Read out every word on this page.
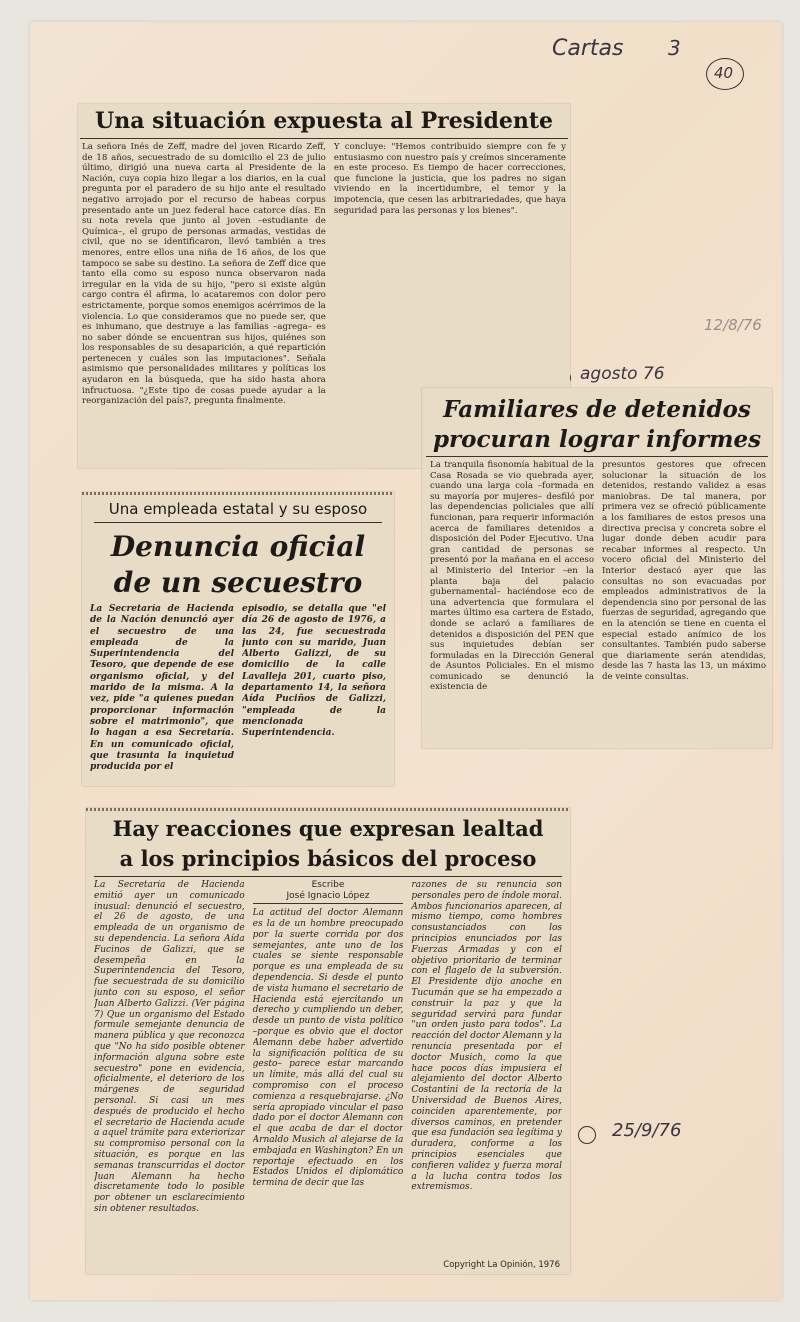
Cartas 3
40
12/8/76
agosto 76
25/9/76
Una situación expuesta al Presidente
La señora Inés de Zeff, madre del joven Ricardo Zeff, de 18 años, secuestrado de su domicilio el 23 de julio último, dirigió una nueva carta al Presidente de la Nación, cuya copia hizo llegar a los diarios, en la cual pregunta por el paradero de su hijo ante el resultado negativo arrojado por el recurso de habeas corpus presentado ante un juez federal hace catorce días. En su nota revela que junto al joven –estudiante de Química–, el grupo de personas armadas, vestidas de civil, que no se identificaron, llevó también a tres menores, entre ellos una niña de 16 años, de los que tampoco se sabe su destino. La señora de Zeff dice que tanto ella como su esposo nunca observaron nada irregular en la vida de su hijo, "pero si existe algún cargo contra él afirma, lo acataremos con dolor pero estrictamente, porque somos enemigos acérrimos de la violencia. Lo que consideramos que no puede ser, que es inhumano, que destruye a las familias –agrega– es no saber dónde se encuentran sus hijos, quiénes son los responsables de su desaparición, a qué repartición pertenecen y cuáles son las imputaciones". Señala asimismo que personalidades militares y políticas los ayudaron en la búsqueda, que ha sido hasta ahora infructuosa. "¿Este tipo de cosas puede ayudar a la reorganización del país?, pregunta finalmente.
Y concluye: "Hemos contribuido siempre con fe y entusiasmo con nuestro país y creímos sinceramente en este proceso. Es tiempo de hacer correcciones, que funcione la justicia, que los padres no sigan viviendo en la incertidumbre, el temor y la impotencia, que cesen las arbitrariedades, que haya seguridad para las personas y los bienes".
Una empleada estatal y su esposo
Denuncia oficial
de un secuestro
La Secretaría de Hacienda de la Nación denunció ayer el secuestro de una empleada de la Superintendencia del Tesoro, que depende de ese organismo oficial, y del marido de la misma. A la vez, pide "a quienes puedan proporcionar información sobre el matrimonio", que lo hagan a esa Secretaría. En un comunicado oficial, que trasunta la inquietud producida por el
episodio, se detalla que "el día 26 de agosto de 1976, a las 24, fue secuestrada junto con su marido, Juan Alberto Galizzi, de su domicilio de la calle Lavalleja 201, cuarto piso, departamento 14, la señora Aída Puciños de Galizzi, "empleada de la mencionada Superintendencia.
Familiares de detenidos
procuran lograr informes
La tranquila fisonomía habitual de la Casa Rosada se vio quebrada ayer, cuando una larga cola –formada en su mayoría por mujeres– desfiló por las dependencias policiales que allí funcionan, para requerir información acerca de familiares detenidos a disposición del Poder Ejecutivo. Una gran cantidad de personas se presentó por la mañana en el acceso al Ministerio del Interior –en la planta baja del palacio gubernamental– haciéndose eco de una advertencia que formulara el martes último esa cartera de Estado, donde se aclaró a familiares de detenidos a disposición del PEN que sus inquietudes debían ser formuladas en la Dirección General de Asuntos Policiales. En el mismo comunicado se denunció la existencia de
presuntos gestores que ofrecen solucionar la situación de los detenidos, restando validez a esas maniobras. De tal manera, por primera vez se ofreció públicamente a los familiares de estos presos una directiva precisa y concreta sobre el lugar donde deben acudir para recabar informes al respecto. Un vocero oficial del Ministerio del Interior destacó ayer que las consultas no son evacuadas por empleados administrativos de la dependencia sino por personal de las fuerzas de seguridad, agregando que en la atención se tiene en cuenta el especial estado anímico de los consultantes. También pudo saberse que diariamente serán atendidas, desde las 7 hasta las 13, un máximo de veinte consultas.
Hay reacciones que expresan lealtad
a los principios básicos del proceso
La Secretaría de Hacienda emitió ayer un comunicado inusual: denunció el secuestro, el 26 de agosto, de una empleada de un organismo de su dependencia. La señora Aída Fucinos de Galizzi, que se desempeña en la Superintendencia del Tesoro, fue secuestrada de su domicilio junto con su esposo, el señor Juan Alberto Galizzi. (Ver página 7) Que un organismo del Estado formule semejante denuncia de manera pública y que reconozca que "No ha sido posible obtener información alguna sobre este secuestro" pone en evidencia, oficialmente, el deterioro de los márgenes de seguridad personal. Si casi un mes después de producido el hecho el secretario de Hacienda acude a aquel trámite para exteriorizar su compromiso personal con la situación, es porque en las semanas transcurridas el doctor Juan Alemann ha hecho discretamente todo lo posible por obtener un esclarecimiento sin obtener resultados.
Escribe
José Ignacio López
La actitud del doctor Alemann es la de un hombre preocupado por la suerte corrida por dos semejantes, ante uno de los cuales se siente responsable porque es una empleada de su dependencia. Si desde el punto de vista humano el secretario de Hacienda está ejercitando un derecho y cumpliendo un deber, desde un punto de vista político –porque es obvio que el doctor Alemann debe haber advertido la significación política de su gesto– parece estar marcando un límite, más allá del cual su compromiso con el proceso comienza a resquebrajarse. ¿No sería apropiado vincular el paso dado por el doctor Alemann con el que acaba de dar el doctor Arnaldo Musich al alejarse de la embajada en Washington? En un reportaje efectuado en los Estados Unidos el diplomático termina de decir que las
razones de su renuncia son personales pero de índole moral. Ambos funcionarios aparecen, al mismo tiempo, como hombres consustanciados con los principios enunciados por las Fuerzas Armadas y con el objetivo prioritario de terminar con el flagelo de la subversión. El Presidente dijo anoche en Tucumán que se ha empezado a construir la paz y que la seguridad servirá para fundar "un orden justo para todos". La reacción del doctor Alemann y la renuncia presentada por el doctor Musich, como la que hace pocos días impusiera el alejamiento del doctor Alberto Costantini de la rectoría de la Universidad de Buenos Aires, coinciden aparentemente, por diversos caminos, en pretender que esa fundación sea legítima y duradera, conforme a los principios esenciales que confieren validez y fuerza moral a la lucha contra todos los extremismos.
Copyright La Opinión, 1976
